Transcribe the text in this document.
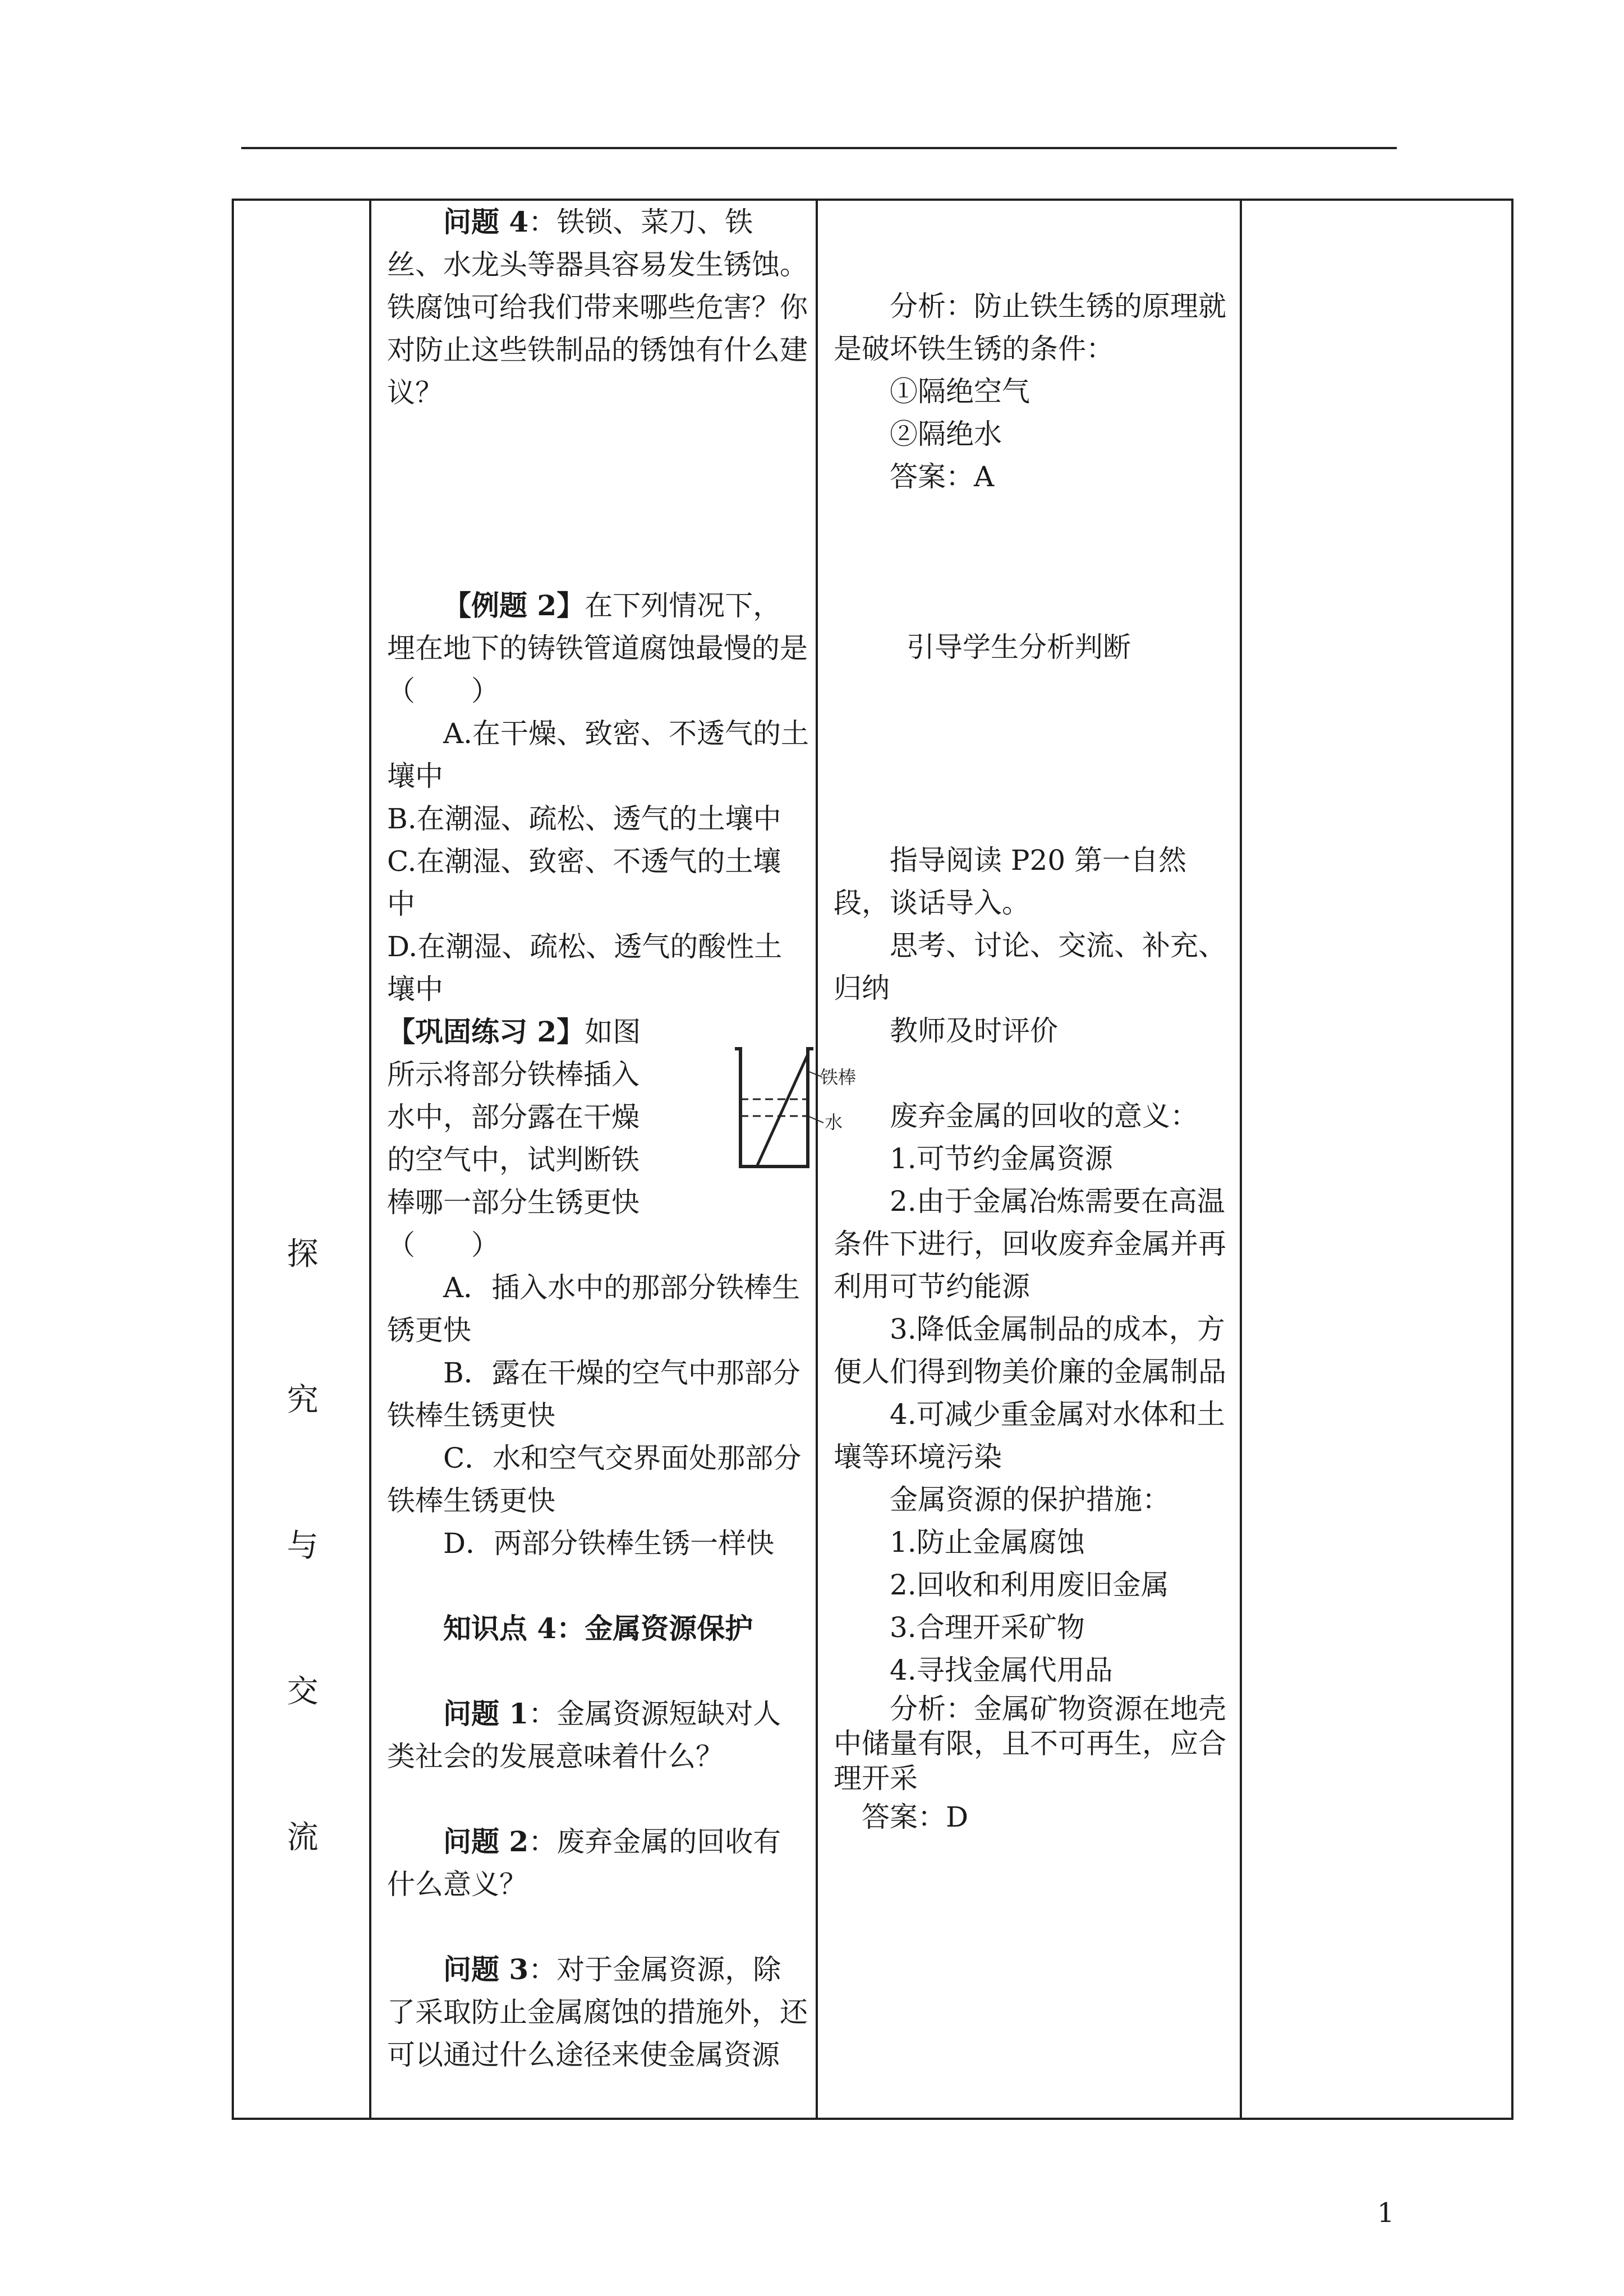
探
究
与
交
流

问题 4：铁锁、菜刀、铁丝、水龙头等器具容易发生锈蚀。铁腐蚀可给我们带来哪些危害？你对防止这些铁制品的锈蚀有什么建议？

【例题 2】在下列情况下，埋在地下的铸铁管道腐蚀最慢的是（　　）

A.在干燥、致密、不透气的土壤中

B.在潮湿、疏松、透气的土壤中

C.在潮湿、致密、不透气的土壤中

D.在潮湿、疏松、透气的酸性土壤中

【巩固练习 2】如图所示将部分铁棒插入水中，部分露在干燥的空气中，试判断铁棒哪一部分生锈更快（　　）

铁棒
水

A．插入水中的那部分铁棒生锈更快

B．露在干燥的空气中那部分铁棒生锈更快

C．水和空气交界面处那部分铁棒生锈更快

D．两部分铁棒生锈一样快

知识点 4：金属资源保护

问题 1：金属资源短缺对人类社会的发展意味着什么？

问题 2：废弃金属的回收有什么意义？

问题 3：对于金属资源，除了采取防止金属腐蚀的措施外，还可以通过什么途径来使金属资源

分析：防止铁生锈的原理就是破坏铁生锈的条件：

①隔绝空气

②隔绝水

答案：A

引导学生分析判断

指导阅读 P20 第一自然段，谈话导入。

思考、讨论、交流、补充、归纳

教师及时评价

废弃金属的回收的意义：

1.可节约金属资源

2.由于金属冶炼需要在高温条件下进行，回收废弃金属并再利用可节约能源

3.降低金属制品的成本，方便人们得到物美价廉的金属制品

4.可减少重金属对水体和土壤等环境污染

金属资源的保护措施：

1.防止金属腐蚀

2.回收和利用废旧金属

3.合理开采矿物

4.寻找金属代用品

分析：金属矿物资源在地壳中储量有限，且不可再生，应合理开采

答案：D

1
